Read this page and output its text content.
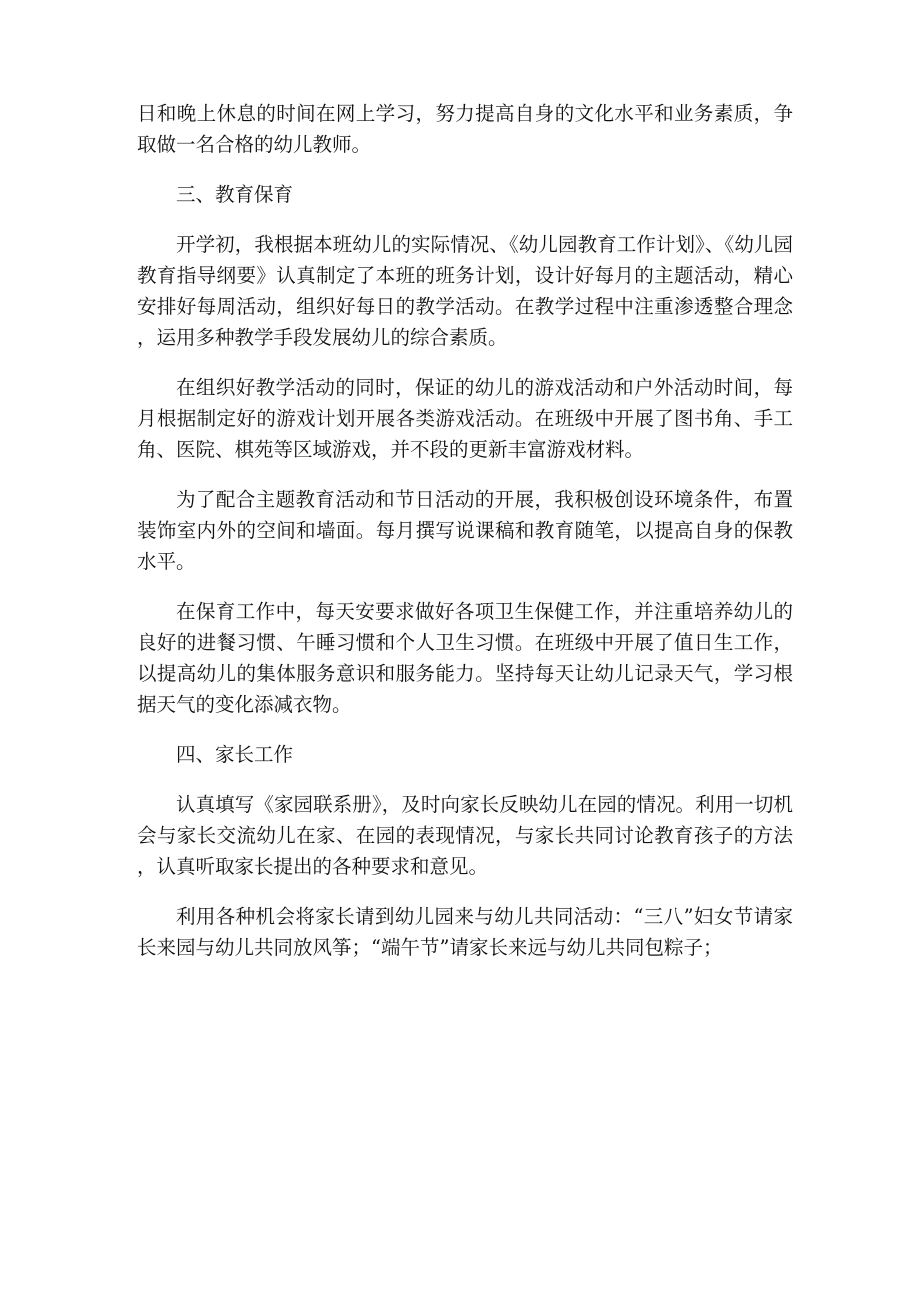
日和晚上休息的时间在网上学习，努力提高自身的文化水平和业务素质，争取做一名合格的幼儿教师。

三、教育保育

开学初，我根据本班幼儿的实际情况、《幼儿园教育工作计划》、《幼儿园教育指导纲要》认真制定了本班的班务计划，设计好每月的主题活动，精心安排好每周活动，组织好每日的教学活动。在教学过程中注重渗透整合理念，运用多种教学手段发展幼儿的综合素质。

在组织好教学活动的同时，保证的幼儿的游戏活动和户外活动时间，每月根据制定好的游戏计划开展各类游戏活动。在班级中开展了图书角、手工角、医院、棋苑等区域游戏，并不段的更新丰富游戏材料。

为了配合主题教育活动和节日活动的开展，我积极创设环境条件，布置装饰室内外的空间和墙面。每月撰写说课稿和教育随笔，以提高自身的保教水平。

在保育工作中，每天安要求做好各项卫生保健工作，并注重培养幼儿的良好的进餐习惯、午睡习惯和个人卫生习惯。在班级中开展了值日生工作，以提高幼儿的集体服务意识和服务能力。坚持每天让幼儿记录天气，学习根据天气的变化添减衣物。

四、家长工作

认真填写《家园联系册》，及时向家长反映幼儿在园的情况。利用一切机会与家长交流幼儿在家、在园的表现情况，与家长共同讨论教育孩子的方法，认真听取家长提出的各种要求和意见。

利用各种机会将家长请到幼儿园来与幼儿共同活动：“三八”妇女节请家长来园与幼儿共同放风筝；“端午节”请家长来远与幼儿共同包粽子；
